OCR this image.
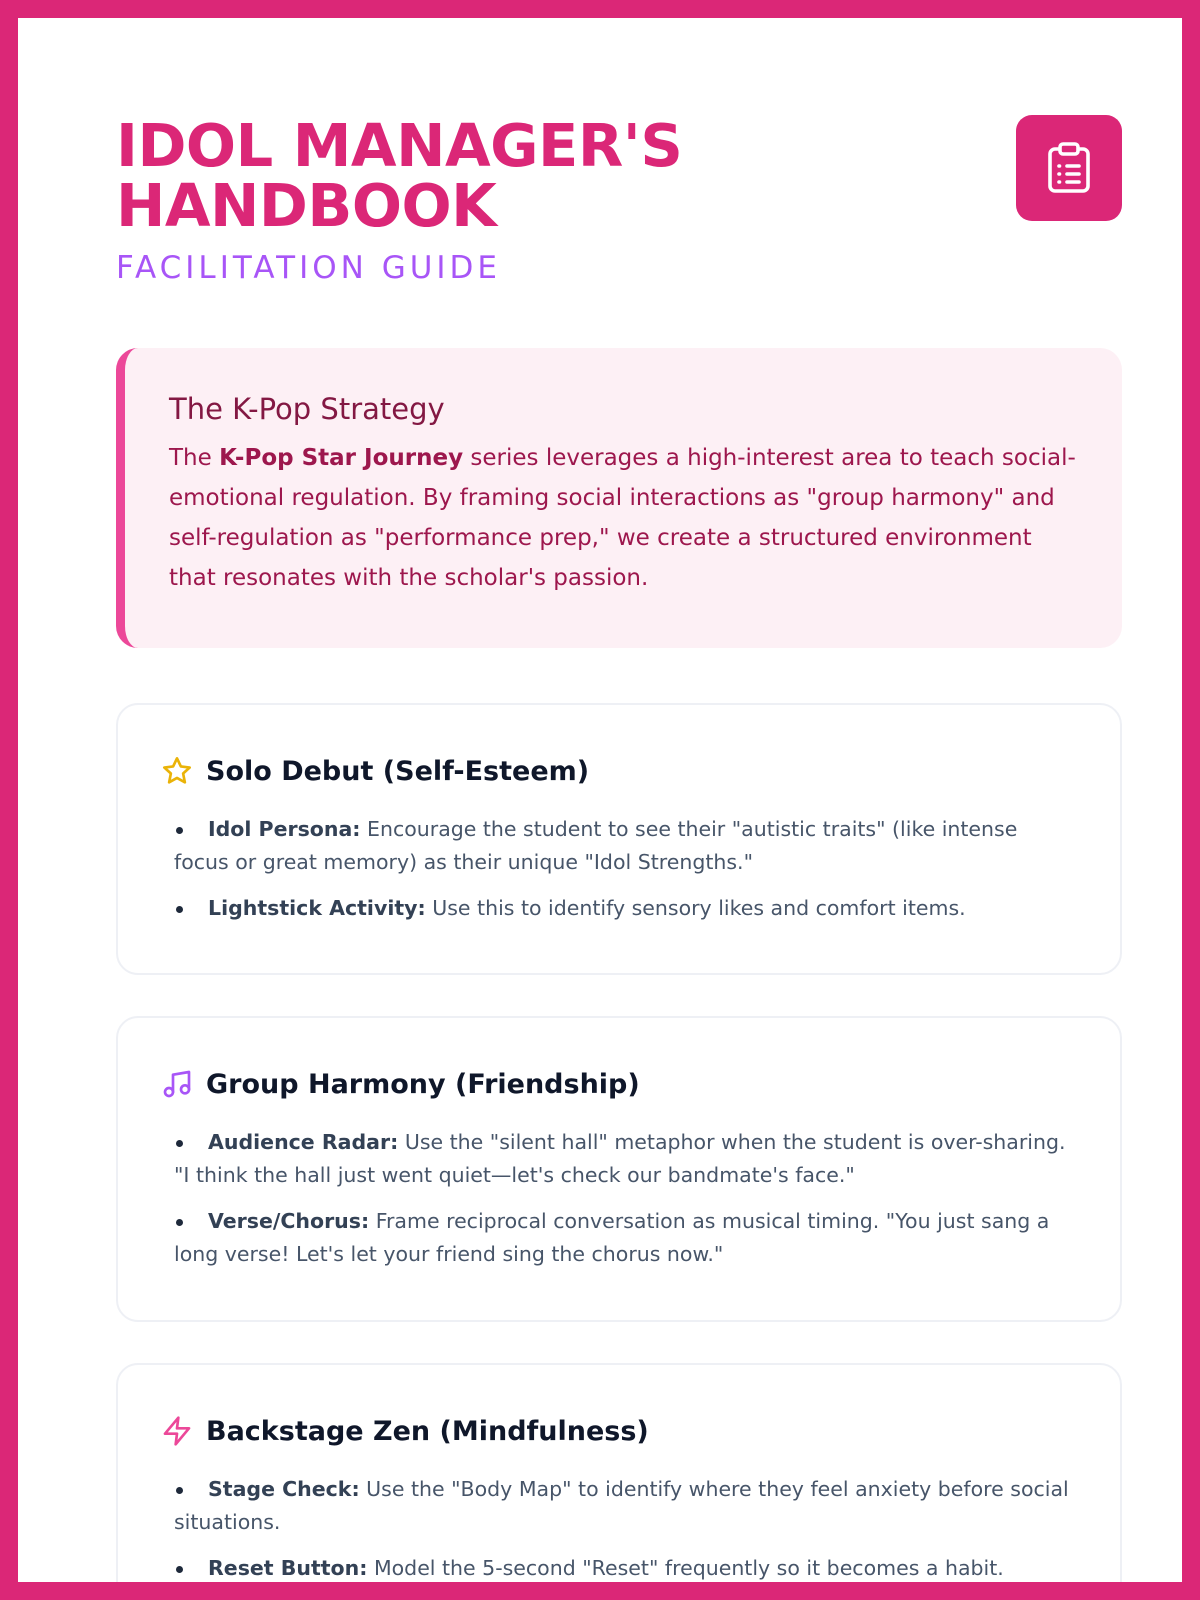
IDOL MANAGER'S
HANDBOOK
FACILITATION GUIDE
The K-Pop Strategy

The K-Pop Star Journey series leverages a high-interest area to teach social-emotional regulation. By framing social interactions as "group harmony" and self-regulation as "performance prep," we create a structured environment that resonates with the scholar's passion.

Solo Debut (Self-Esteem)
Idol Persona: Encourage the student to see their "autistic traits" (like intense focus or great memory) as their unique "Idol Strengths."
Lightstick Activity: Use this to identify sensory likes and comfort items.
Group Harmony (Friendship)
Audience Radar: Use the "silent hall" metaphor when the student is over-sharing. "I think the hall just went quiet—let's check our bandmate's face."
Verse/Chorus: Frame reciprocal conversation as musical timing. "You just sang a long verse! Let's let your friend sing the chorus now."
Backstage Zen (Mindfulness)
Stage Check: Use the "Body Map" to identify where they feel anxiety before social situations.
Reset Button: Model the 5-second "Reset" frequently so it becomes a habit.
